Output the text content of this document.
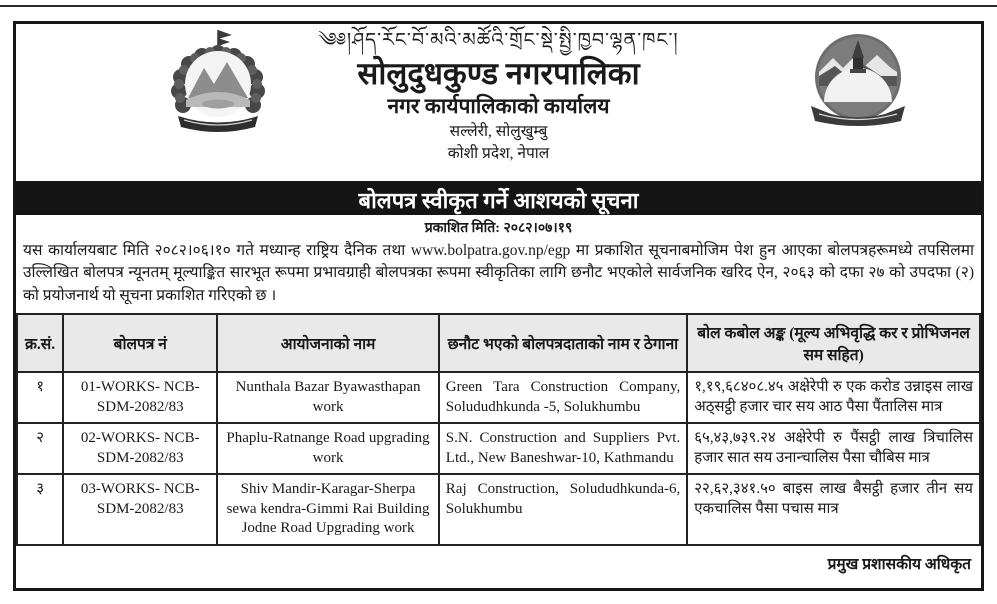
༄༅།ཤོད་རོང་བོ་མའི་མཚོའི་གྲོང་སྡེ་སྤྱི་ཁྱབ་ལྷན་ཁང་།
सोलुदुधकुण्ड नगरपालिका
नगर कार्यपालिकाको कार्यालय
सल्लेरी, सोलुखुम्बु
कोशी प्रदेश, नेपाल
बोलपत्र स्वीकृत गर्ने आशयको सूचना
प्रकाशित मिति: २०८२।०७।१९
यस कार्यालयबाट मिति २०८२।०६।१० गते मध्यान्ह राष्ट्रिय दैनिक तथा www.bolpatra.gov.np/egp मा प्रकाशित सूचनाबमोजिम पेश हुन आएका बोलपत्रहरूमध्ये तपसिलमा उल्लिखित बोलपत्र न्यूनतम् मूल्याङ्कित सारभूत रूपमा प्रभावग्राही बोलपत्रका रूपमा स्वीकृतिका लागि छनौट भएकोले सार्वजनिक खरिद ऐन, २०६३ को दफा २७ को उपदफा (२) को प्रयोजनार्थ यो सूचना प्रकाशित गरिएको छ ।
क्र.सं.	बोलपत्र नं	आयोजनाको नाम	छनौट भएको बोलपत्रदाताको नाम र ठेगाना	बोल कबोल अङ्क (मूल्य अभिवृद्धि कर र प्रोभिजनल सम सहित)
१	01-WORKS- NCB-SDM-2082/83	Nunthala Bazar Byawasthapan work	Green Tara Construction Company, Solududhkunda -5, Solukhumbu	१,१९,६८४०८.४५ अक्षेरेपी रु एक करोड उन्नाइस लाख अठ्सट्ठी हजार चार सय आठ पैसा पैंतालिस मात्र
२	02-WORKS- NCB-SDM-2082/83	Phaplu-Ratnange Road upgrading work	S.N. Construction and Suppliers Pvt. Ltd., New Baneshwar-10, Kathmandu	६५,४३,७३९.२४ अक्षेरेपी रु पैंसट्ठी लाख त्रिचालिस हजार सात सय उनान्चालिस पैसा चौबिस मात्र
३	03-WORKS- NCB-SDM-2082/83	Shiv Mandir-Karagar-Sherpa sewa kendra-Gimmi Rai Building Jodne Road Upgrading work	Raj Construction, Solududhkunda-6, Solukhumbu	२२,६२,३४१.५० बाइस लाख बैसट्ठी हजार तीन सय एकचालिस पैसा पचास मात्र
प्रमुख प्रशासकीय अधिकृत
